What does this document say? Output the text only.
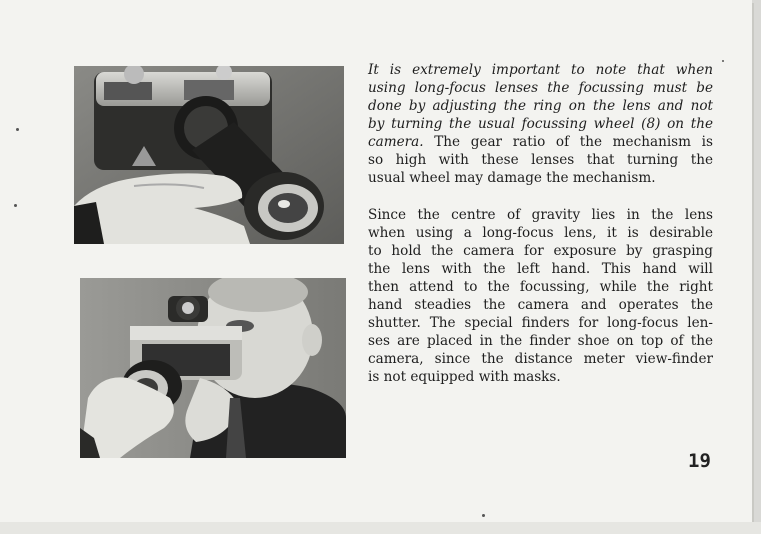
It is extremely important to note that when
using long-focus lenses the focussing must be
done by adjusting the ring on the lens and not
by turning the usual focussing wheel (8) on the
camera. The gear ratio of the mechanism is
so high with these lenses that turning the
usual wheel may damage the mechanism.
Since the centre of gravity lies in the lens
when using a long-focus lens, it is desirable
to hold the camera for exposure by grasping
the lens with the left hand. This hand will
then attend to the focussing, while the right
hand steadies the camera and operates the
shutter. The special finders for long-focus len-
ses are placed in the finder shoe on top of the
camera, since the distance meter view-finder
is not equipped with masks.
19
